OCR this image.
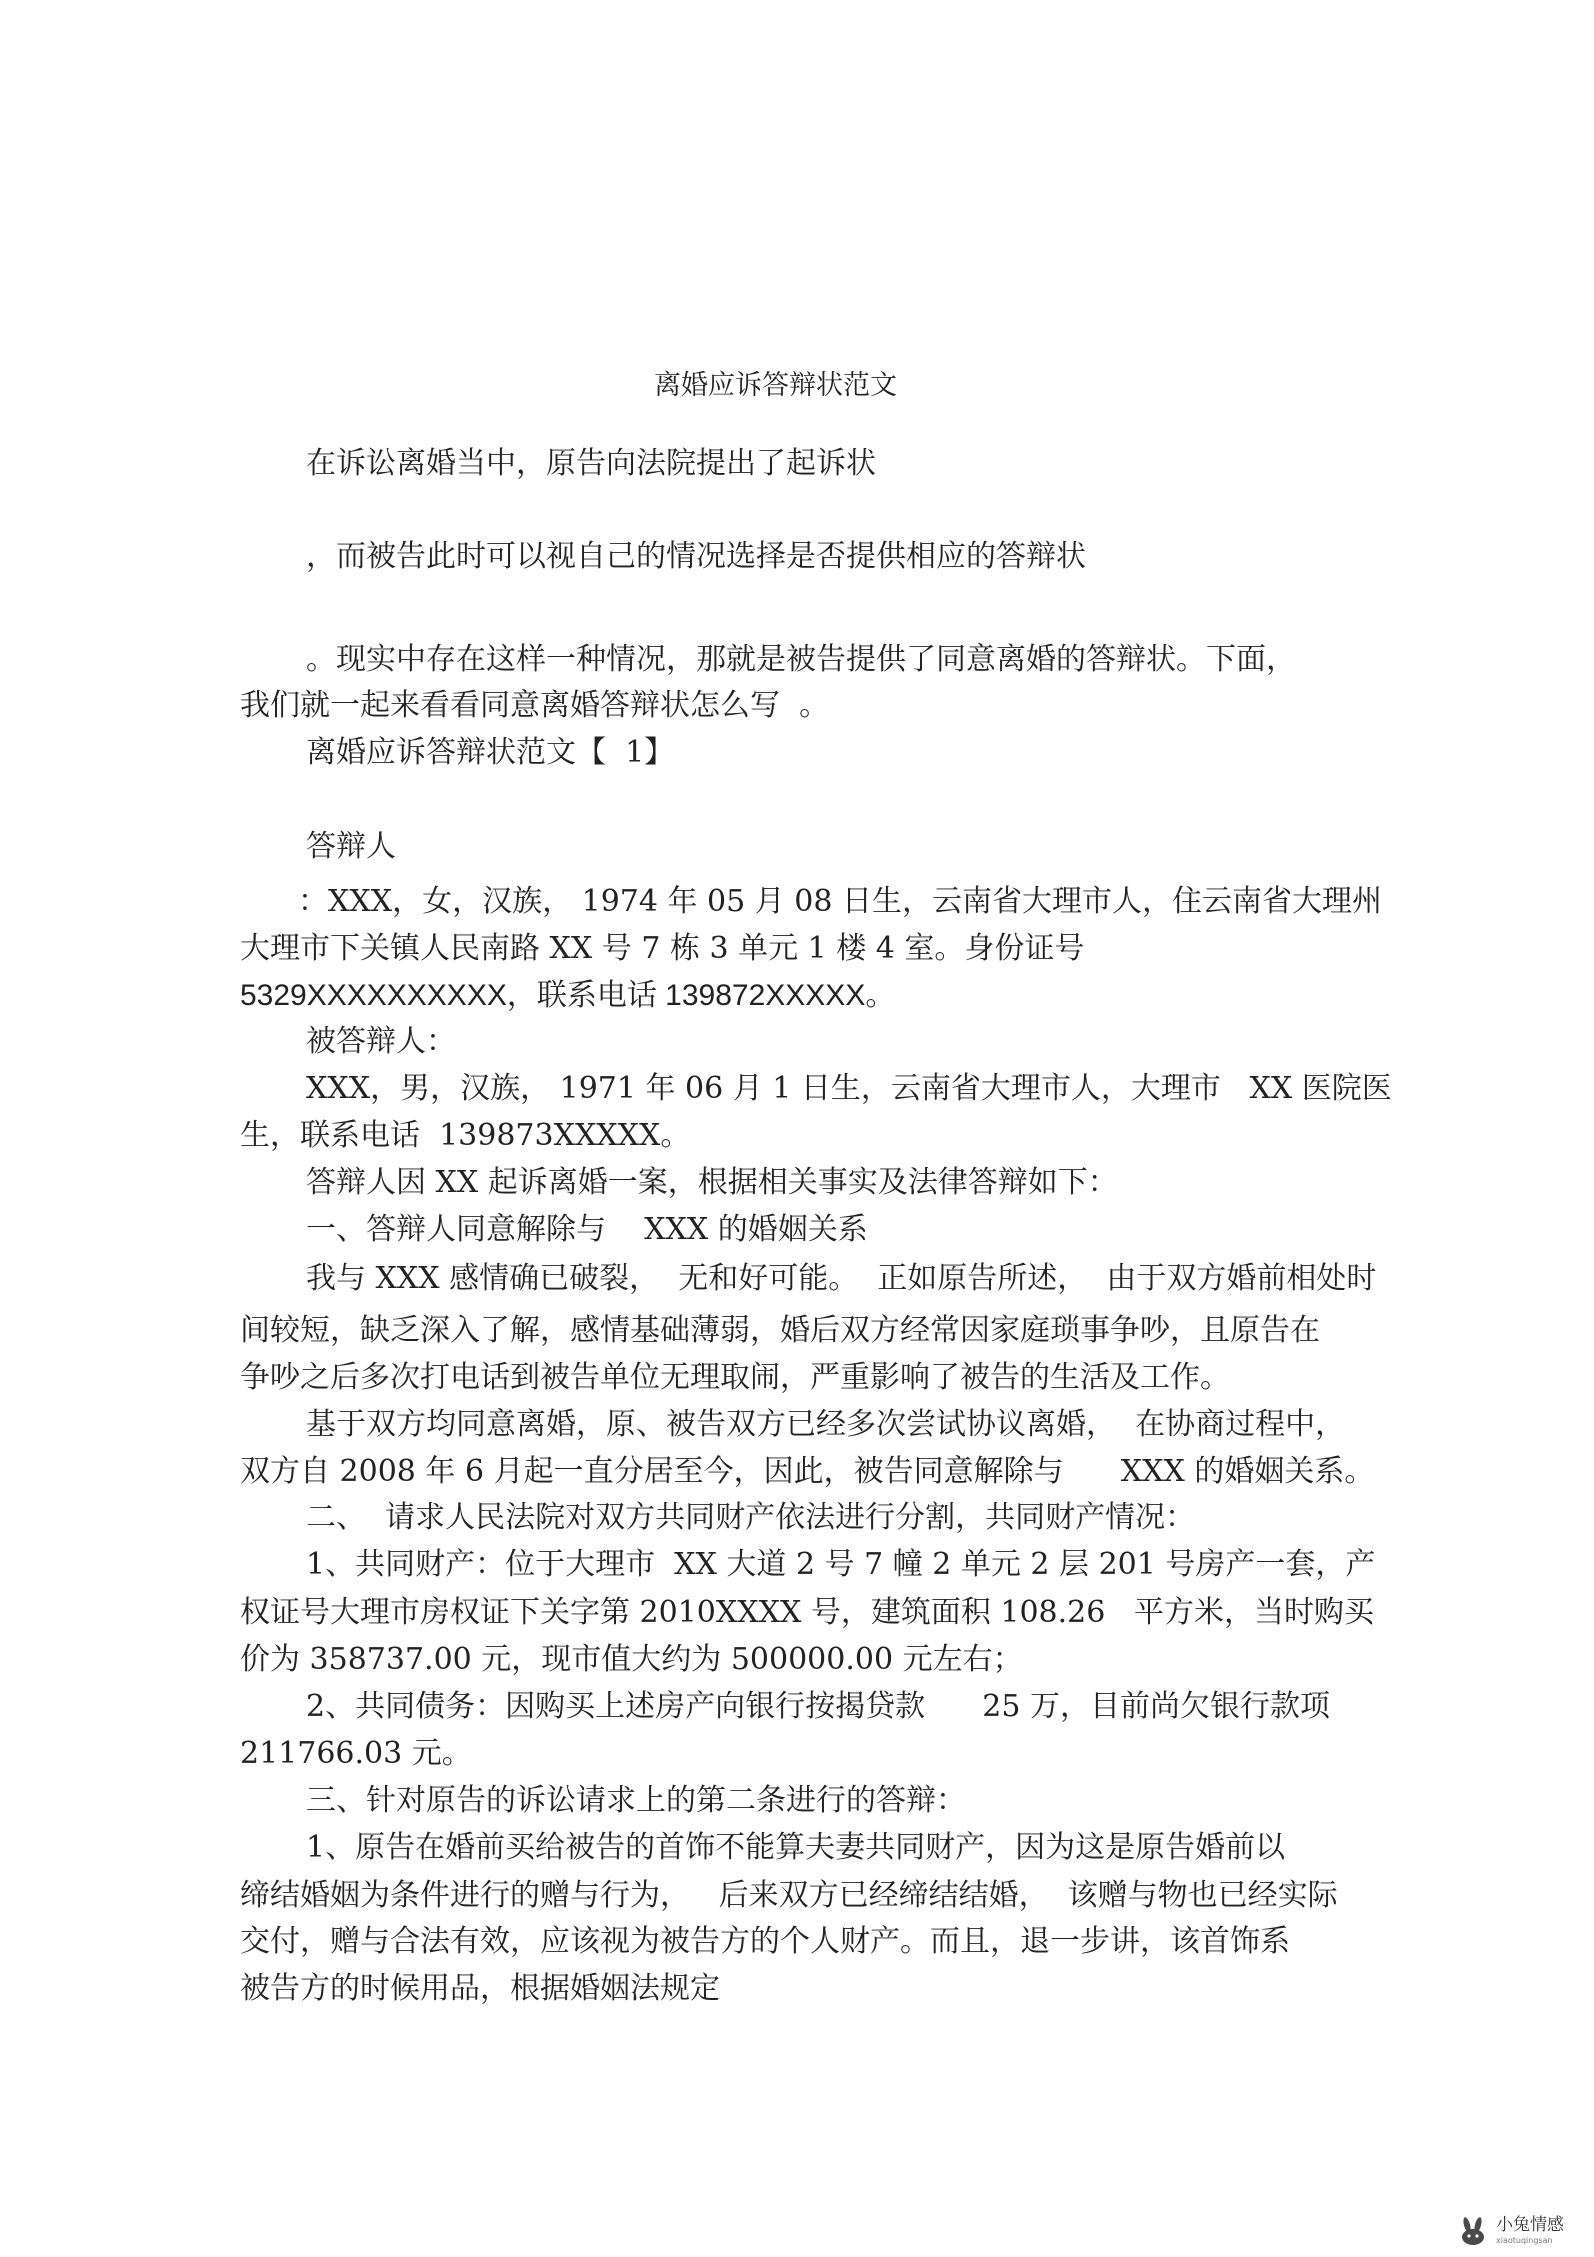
离婚应诉答辩状范文
在诉讼离婚当中，原告向法院提出了起诉状
，而被告此时可以视自己的情况选择是否提供相应的答辩状
。现实中存在这样一种情况，那就是被告提供了同意离婚的答辩状。下面，
我们就一起来看看同意离婚答辩状怎么写  。
离婚应诉答辩状范文【  1】
答辩人
：XXX，女，汉族， 1974 年 05 月 08 日生，云南省大理市人，住云南省大理州
大理市下关镇人民南路 XX 号 7 栋 3 单元 1 楼 4 室。身份证号
5329XXXXXXXXXX，联系电话 139872XXXXX。
被答辩人：
XXX，男，汉族， 1971 年 06 月 1 日生，云南省大理市人，大理市   XX 医院医
生，联系电话  139873XXXXX。
答辩人因 XX 起诉离婚一案，根据相关事实及法律答辩如下：
一、答辩人同意解除与    XXX 的婚姻关系
我与 XXX 感情确已破裂，  无和好可能。  正如原告所述，  由于双方婚前相处时
间较短，缺乏深入了解，感情基础薄弱，婚后双方经常因家庭琐事争吵，且原告在
争吵之后多次打电话到被告单位无理取闹，严重影响了被告的生活及工作。
基于双方均同意离婚，原、被告双方已经多次尝试协议离婚，  在协商过程中，
双方自 2008 年 6 月起一直分居至今，因此，被告同意解除与      XXX 的婚姻关系。
二、  请求人民法院对双方共同财产依法进行分割，共同财产情况：
1、共同财产：位于大理市  XX 大道 2 号 7 幢 2 单元 2 层 201 号房产一套，产
权证号大理市房权证下关字第 2010XXXX 号，建筑面积 108.26   平方米，当时购买
价为 358737.00 元，现市值大约为 500000.00 元左右；
2、共同债务：因购买上述房产向银行按揭贷款      25 万，目前尚欠银行款项
211766.03 元。
三、针对原告的诉讼请求上的第二条进行的答辩：
1、原告在婚前买给被告的首饰不能算夫妻共同财产，因为这是原告婚前以
缔结婚姻为条件进行的赠与行为，   后来双方已经缔结结婚，  该赠与物也已经实际
交付，赠与合法有效，应该视为被告方的个人财产。而且，退一步讲，该首饰系
被告方的时候用品，根据婚姻法规定
小兔情感
xiaotuqingsan
